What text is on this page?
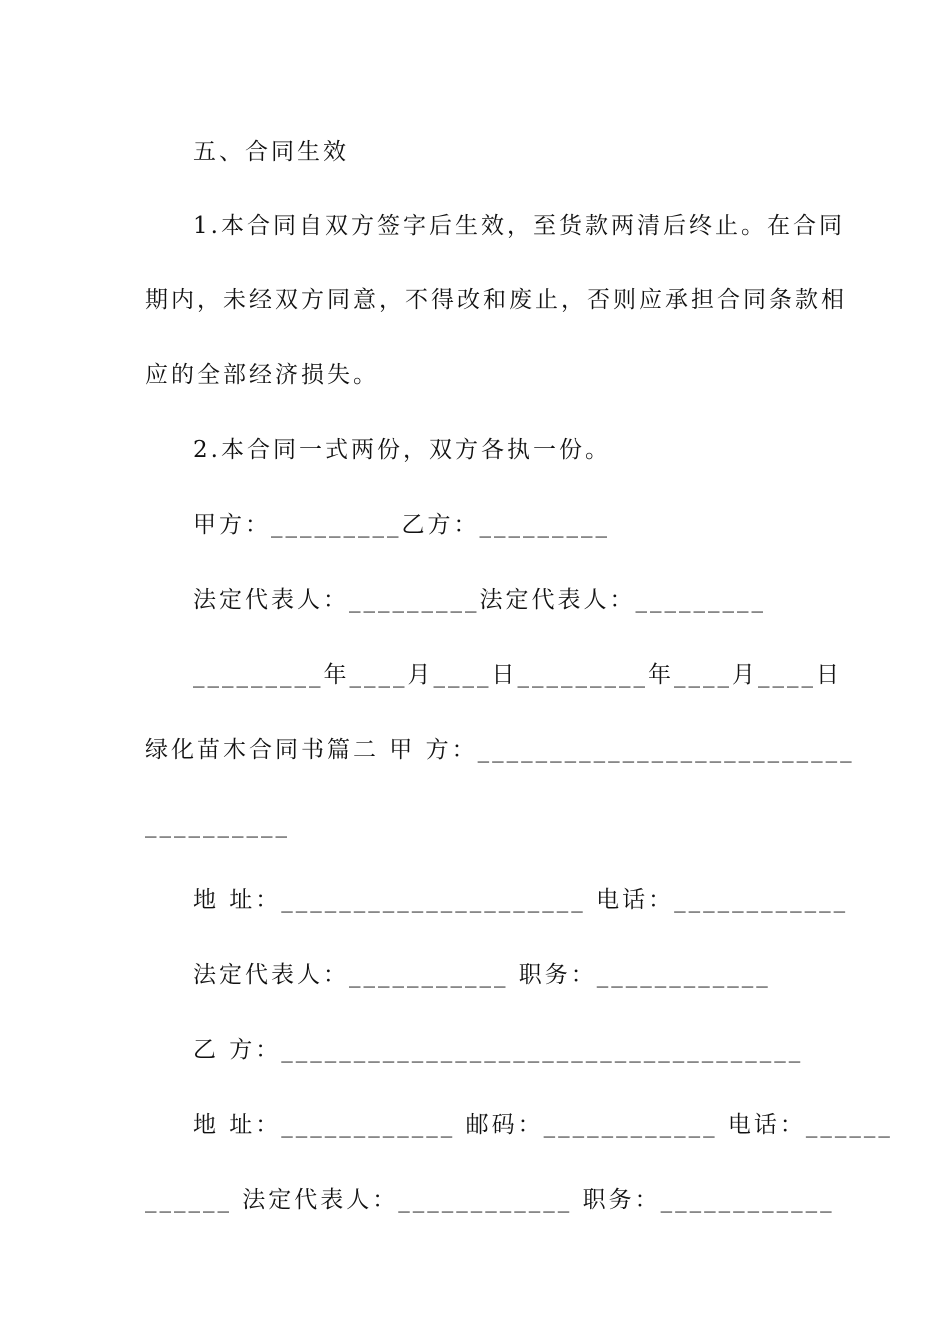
五、合同生效
1.本合同自双方签字后生效，至货款两清后终止。在合同
期内，未经双方同意，不得改和废止，否则应承担合同条款相
应的全部经济损失。
2.本合同一式两份，双方各执一份。
甲方：_________乙方：_________
法定代表人：_________法定代表人：_________
_________年____月____日_________年____月____日
绿化苗木合同书篇二 甲 方：__________________________
__________
地 址：_____________________ 电话：____________
法定代表人：___________ 职务：____________
乙 方：____________________________________
地 址：____________ 邮码：____________ 电话：______
______ 法定代表人：____________ 职务：____________
